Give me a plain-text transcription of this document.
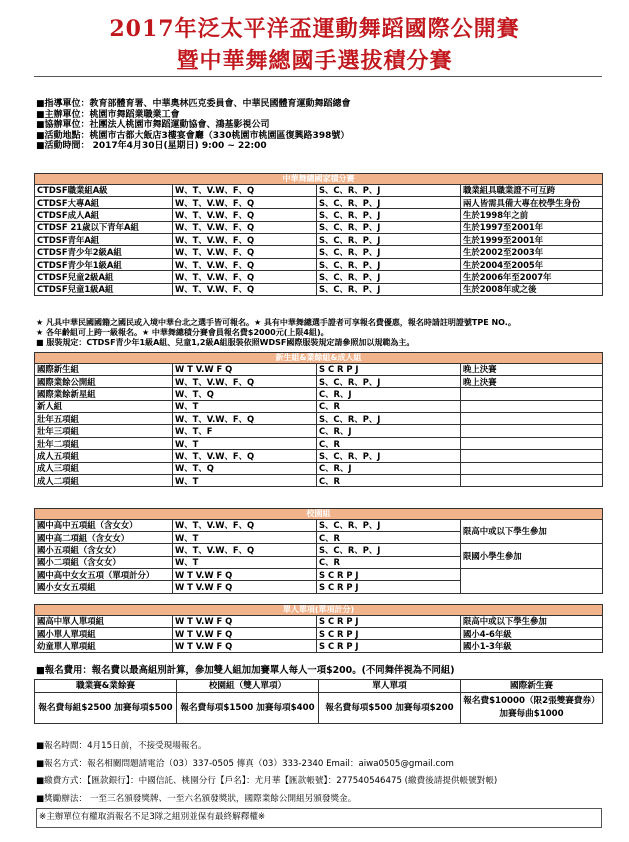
2017年泛太平洋盃運動舞蹈國際公開賽
暨中華舞總國手選拔積分賽
■指導單位：教育部體育署、中華奧林匹克委員會、中華民國體育運動舞蹈總會
■主辦單位：桃園市舞蹈業職業工會
■協辦單位：社團法人桃園市舞蹈運動協會、鴻基影視公司
■活動地點：桃園市古都大飯店3樓宴會廳（330桃園市桃園區復興路398號）
■活動時間： 2017年4月30日(星期日) 9:00 ~ 22:00
中華舞總國家積分賽			
CTDSF職業組A級	W、T、V.W、F、Q	S、C、R、P、J	職業組具職業證不可互跨
CTDSF大專A組	W、T、V.W、F、Q	S、C、R、P、J	兩人皆需具備大專在校學生身份
CTDSF成人A組	W、T、V.W、F、Q	S、C、R、P、J	生於1998年之前
CTDSF 21歲以下青年A組	W、T、V.W、F、Q	S、C、R、P、J	生於1997至2001年
CTDSF青年A組	W、T、V.W、F、Q	S、C、R、P、J	生於1999至2001年
CTDSF青少年2級A組	W、T、V.W、F、Q	S、C、R、P、J	生於2002至2003年
CTDSF青少年1級A組	W、T、V.W、F、Q	S、C、R、P、J	生於2004至2005年
CTDSF兒童2級A組	W、T、V.W、F、Q	S、C、R、P、J	生於2006年至2007年
CTDSF兒童1級A組	W、T、V.W、F、Q	S、C、R、P、J	生於2008年或之後
★ 凡具中華民國國籍之國民或入境中華台北之選手皆可報名。★ 具有中華舞總選手證者可享報名費優惠，報名時請註明證號TPE NO.。
★ 各年齡組可上跨一級報名。★ 中華舞總積分賽會員報名費$2000元(上限4組)。
■ 服裝規定：CTDSF青少年1級A組、兒童1,2級A組服裝依照WDSF國際服裝規定請參照加以規範為主。
新生組&業餘組&成人組			
國際新生組	W T V.W F Q	S C R P J	晚上決賽
國際業餘公開組	W、T、V.W、F、Q	S、C、R、P、J	晚上決賽
國際業餘新星組	W、T、Q	C、R、J	
新人組	W、T	C、R	
壯年五項組	W、T、V.W、F、Q	S、C、R、P、J	
壯年三項組	W、T、F	C、R、J	
壯年二項組	W、T	C、R	
成人五項組	W、T、V.W、F、Q	S、C、R、P、J	
成人三項組	W、T、Q	C、R、J	
成人二項組	W、T	C、R	
校園組			
國中高中五項組（含女女）	W、T、V.W、F、Q	S、C、R、P、J	限高中或以下學生參加
國中高二項組（含女女）	W、T	C、R	
國小五項組（含女女）	W、T、V.W、F、Q	S、C、R、P、J	限國小學生參加
國小二項組（含女女）	W、T	C、R	
國中高中女女五項（單項計分）	W T V.W F Q	S C R P J	
國小女女五項組	W T V.W F Q	S C R P J	
單人單項(單項計分)			
國高中單人單項組	W T V.W F Q	S C R P J	限高中或以下學生參加
國小單人單項組	W T V.W F Q	S C R P J	國小4-6年級
幼童單人單項組	W T V.W F Q	S C R P J	國小1-3年級
■報名費用：報名費以最高組別計算，參加雙人組加加賽單人每人一項$200。(不同舞伴視為不同組)
職業賽&業餘賽	校園組（雙人單項）	單人單項	國際新生賽
報名費每組$2500 加賽每項$500	報名費每項$1500 加賽每項$400	報名費每項$500 加賽每項$200	報名費$10000（限2張雙賽費券）加賽每曲$1000
■報名時間：4月15日前，不接受現場報名。
■報名方式：報名相關問題請電洽（03）337-0505 傳真（03）333-2340 Email：aiwa0505@gmail.com
■繳費方式：【匯款銀行】：中國信託、桃園分行【戶名】：尤月華【匯款帳號】：277540546475 (繳費後請提供帳號對帳)
■獎勵辦法： 一至三名頒發獎牌、一至六名頒發獎狀，國際業餘公開組另頒發獎金。
※主辦單位有權取消報名不足3隊之組別並保有最終解釋權※
